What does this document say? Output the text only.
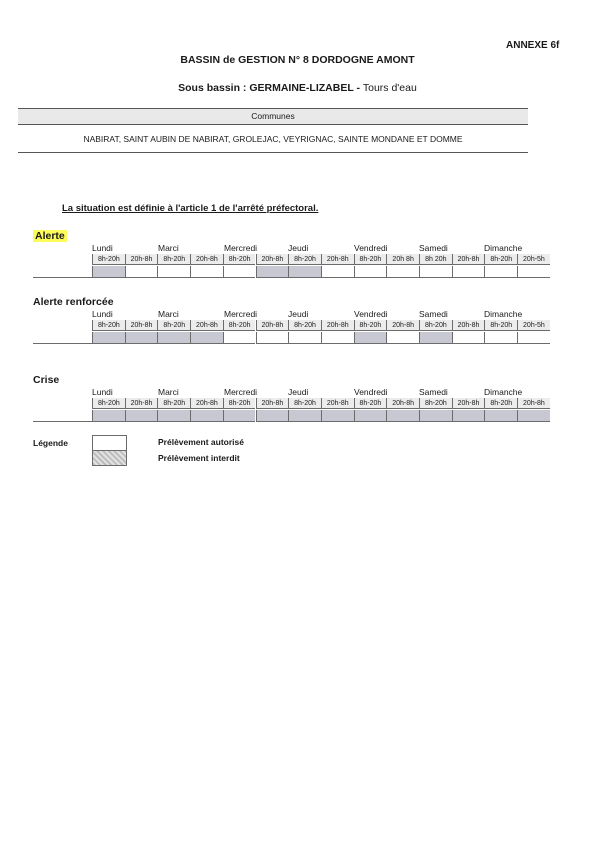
ANNEXE 6f
BASSIN de GESTION N° 8 DORDOGNE AMONT
Sous bassin : GERMAINE-LIZABEL - Tours d'eau
Communes
NABIRAT, SAINT AUBIN DE NABIRAT, GROLEJAC, VEYRIGNAC, SAINTE MONDANE ET DOMME
La situation est définie à l'article 1 de l'arrêté préfectoral.
Alerte
Lundi	Marci	Mercredi	Jeudi	Vendredi	Samedi	Dimanche
8h-20h	20h-8h	8h-20h	20h-8h	8h-20h	20h-8h	8h-20h	20h-8h	8h-20h	20h 8h	8h 20h	20h-8h	8h-20h	20h-5h
Alerte renforcée
Lundi	Marci	Mercredi	Jeudi	Vendredi	Samedi	Dimanche
8h-20h	20h-8h	8h-20h	20h-8h	8h-20h	20h-8h	8h-20h	20h-8h	8h-20h	20h-8h	8h-20h	20h-8h	8h-20h	20h-5h
Crise
Lundi	Marci	Mercredi	Jeudi	Vendredi	Samedi	Dimanche
8h-20h	20h-8h	8h-20h	20h-8h	8h-20h	20h-8h	8h-20h	20h-8h	8h-20h	20h-8h	8h-20h	20h-8h	8h-20h	20h-8h
Légende	Prélèvement autorisé
Prélèvement interdit
